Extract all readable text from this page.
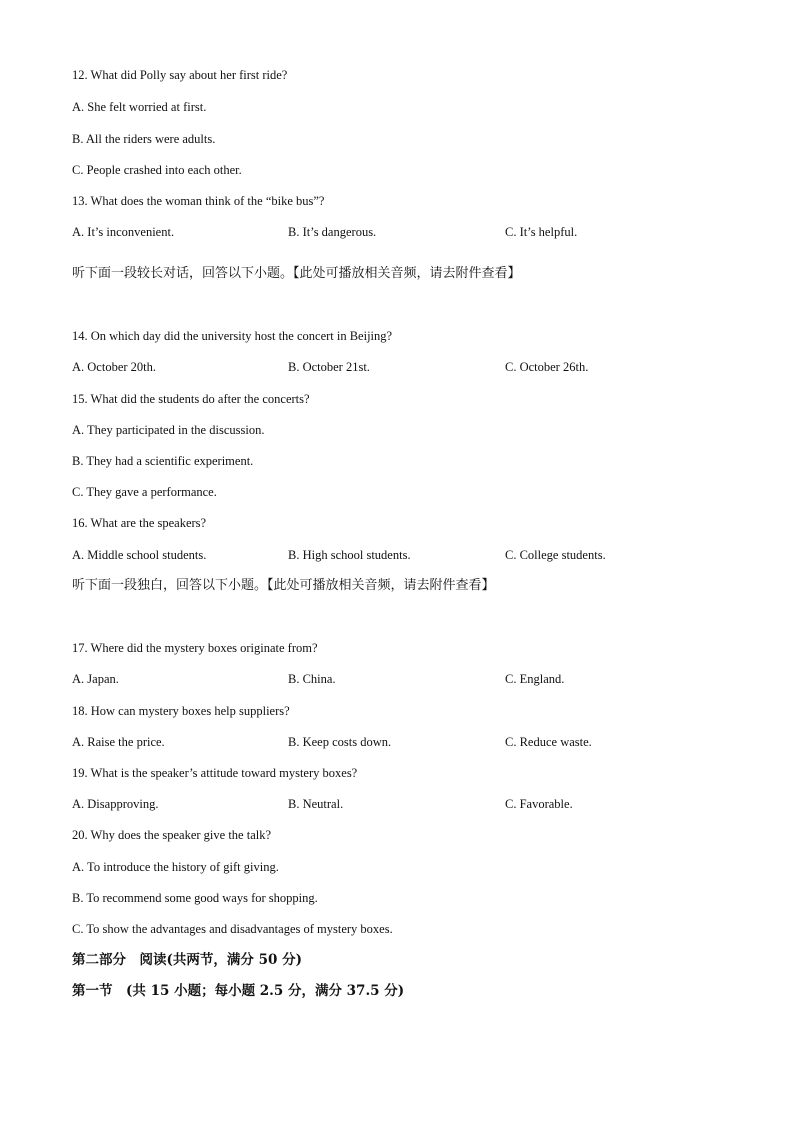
12. What did Polly say about her first ride?
A. She felt worried at first.
B. All the riders were adults.
C. People crashed into each other.
13. What does the woman think of the “bike bus”?
A. It’s inconvenient.	B. It’s dangerous.	C. It’s helpful.
听下面一段较长对话，回答以下小题。【此处可播放相关音频，请去附件查看】
14. On which day did the university host the concert in Beijing?
A. October 20th.	B. October 21st.	C. October 26th.
15. What did the students do after the concerts?
A. They participated in the discussion.
B. They had a scientific experiment.
C. They gave a performance.
16. What are the speakers?
A. Middle school students.	B. High school students.	C. College students.
听下面一段独白，回答以下小题。【此处可播放相关音频，请去附件查看】
17. Where did the mystery boxes originate from?
A. Japan.	B. China.	C. England.
18. How can mystery boxes help suppliers?
A. Raise the price.	B. Keep costs down.	C. Reduce waste.
19. What is the speaker’s attitude toward mystery boxes?
A. Disapproving.	B. Neutral.	C. Favorable.
20. Why does the speaker give the talk?
A. To introduce the history of gift giving.
B. To recommend some good ways for shopping.
C. To show the advantages and disadvantages of mystery boxes.
第二部分　阅读(共两节，满分 50 分)
第一节　(共 15 小题；每小题 2.5 分，满分 37.5 分)
